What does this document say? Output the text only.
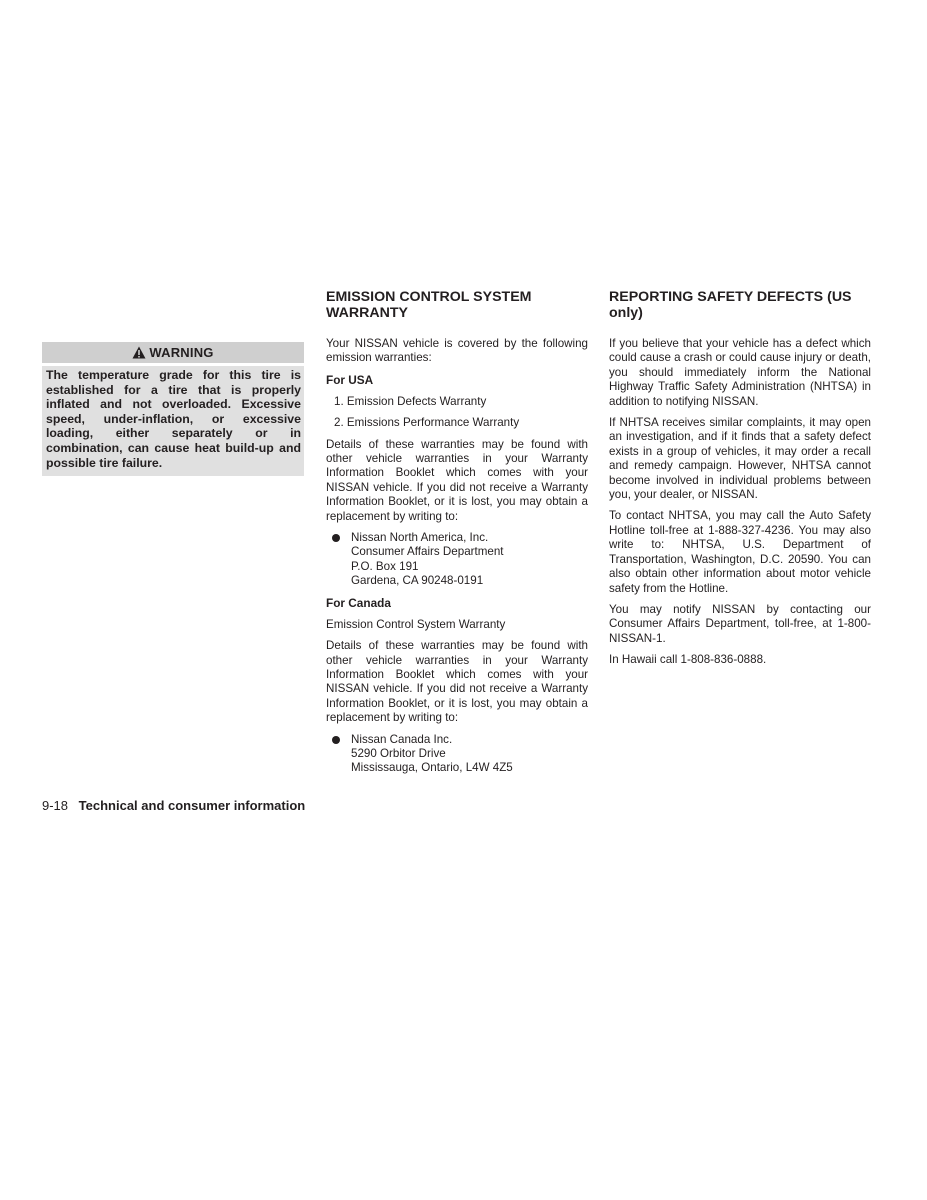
WARNING
The temperature grade for this tire is established for a tire that is properly inflated and not overloaded. Excessive speed, under-inflation, or excessive loading, either separately or in combination, can cause heat build-up and possible tire failure.
EMISSION CONTROL SYSTEM WARRANTY

Your NISSAN vehicle is covered by the following emission warranties:

For USA
1. Emission Defects Warranty
2. Emissions Performance Warranty

Details of these warranties may be found with other vehicle warranties in your Warranty Information Booklet which comes with your NISSAN vehicle. If you did not receive a Warranty Information Booklet, or it is lost, you may obtain a replacement by writing to:

Nissan North America, Inc.
Consumer Affairs Department
P.O. Box 191
Gardena, CA 90248-0191
For Canada

Emission Control System Warranty

Details of these warranties may be found with other vehicle warranties in your Warranty Information Booklet which comes with your NISSAN vehicle. If you did not receive a Warranty Information Booklet, or it is lost, you may obtain a replacement by writing to:

Nissan Canada Inc.
5290 Orbitor Drive
Mississauga, Ontario, L4W 4Z5
REPORTING SAFETY DEFECTS (US only)

If you believe that your vehicle has a defect which could cause a crash or could cause injury or death, you should immediately inform the National Highway Traffic Safety Administration (NHTSA) in addition to notifying NISSAN.

If NHTSA receives similar complaints, it may open an investigation, and if it finds that a safety defect exists in a group of vehicles, it may order a recall and remedy campaign. However, NHTSA cannot become involved in individual problems between you, your dealer, or NISSAN.

To contact NHTSA, you may call the Auto Safety Hotline toll-free at 1-888-327-4236. You may also write to: NHTSA, U.S. Department of Transportation, Washington, D.C. 20590. You can also obtain other information about motor vehicle safety from the Hotline.

You may notify NISSAN by contacting our Consumer Affairs Department, toll-free, at 1-800-NISSAN-1.

In Hawaii call 1-808-836-0888.

9-18 Technical and consumer information
